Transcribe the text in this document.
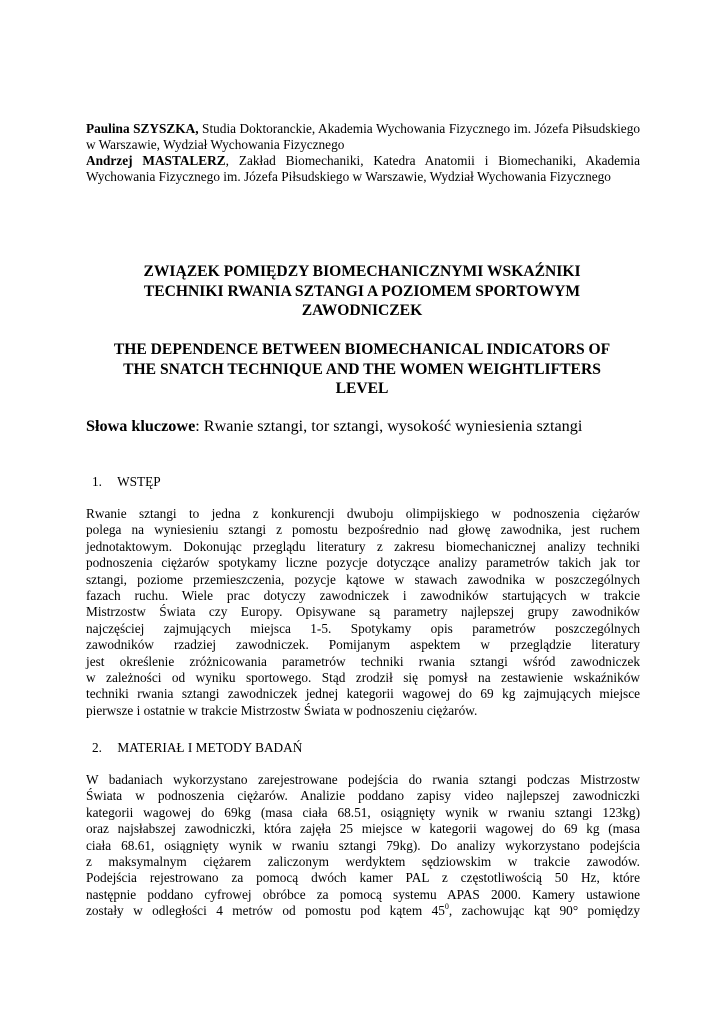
Paulina SZYSZKA, Studia Doktoranckie, Akademia Wychowania Fizycznego im. Józefa Piłsudskiego w Warszawie, Wydział Wychowania Fizycznego

Andrzej MASTALERZ, Zakład Biomechaniki, Katedra Anatomii i Biomechaniki, Akademia Wychowania Fizycznego im. Józefa Piłsudskiego w Warszawie, Wydział Wychowania Fizycznego

ZWIĄZEK POMIĘDZY BIOMECHANICZNYMI WSKAŹNIKI
TECHNIKI RWANIA SZTANGI A POZIOMEM SPORTOWYM
ZAWODNICZEK
THE DEPENDENCE BETWEEN BIOMECHANICAL INDICATORS OF
THE SNATCH TECHNIQUE AND THE WOMEN WEIGHTLIFTERS
LEVEL

Słowa kluczowe: Rwanie sztangi, tor sztangi, wysokość wyniesienia sztangi

1. WSTĘP

Rwanie sztangi to jedna z konkurencji dwuboju olimpijskiego w podnoszenia ciężarów
polega na wyniesieniu sztangi z pomostu bezpośrednio nad głowę zawodnika, jest ruchem
jednotaktowym. Dokonując przeglądu literatury z zakresu biomechanicznej analizy techniki
podnoszenia ciężarów spotykamy liczne pozycje dotyczące analizy parametrów takich jak tor
sztangi, poziome przemieszczenia, pozycje kątowe w stawach zawodnika w poszczególnych
fazach ruchu. Wiele prac dotyczy zawodniczek i zawodników startujących w trakcie
Mistrzostw Świata czy Europy. Opisywane są parametry najlepszej grupy zawodników
najczęściej zajmujących miejsca 1-5. Spotykamy opis parametrów poszczególnych
zawodników rzadziej zawodniczek. Pomijanym aspektem w przeglądzie literatury
jest określenie zróżnicowania parametrów techniki rwania sztangi wśród zawodniczek
w zależności od wyniku sportowego. Stąd zrodził się pomysł na zestawienie wskaźników
techniki rwania sztangi zawodniczek jednej kategorii wagowej do 69 kg zajmujących miejsce
pierwsze i ostatnie w trakcie Mistrzostw Świata w podnoszeniu ciężarów.

2. MATERIAŁ I METODY BADAŃ

W badaniach wykorzystano zarejestrowane podejścia do rwania sztangi podczas Mistrzostw
Świata w podnoszenia ciężarów. Analizie poddano zapisy video najlepszej zawodniczki
kategorii wagowej do 69kg (masa ciała 68.51, osiągnięty wynik w rwaniu sztangi 123kg)
oraz najsłabszej zawodniczki, która zajęła 25 miejsce w kategorii wagowej do 69 kg (masa
ciała 68.61, osiągnięty wynik w rwaniu sztangi 79kg). Do analizy wykorzystano podejścia
z maksymalnym ciężarem zaliczonym werdyktem sędziowskim w trakcie zawodów.
Podejścia rejestrowano za pomocą dwóch kamer PAL z częstotliwością 50 Hz, które
następnie poddano cyfrowej obróbce za pomocą systemu APAS 2000. Kamery ustawione
zostały w odległości 4 metrów od pomostu pod kątem $45^0$, zachowując kąt 90° pomiędzy
